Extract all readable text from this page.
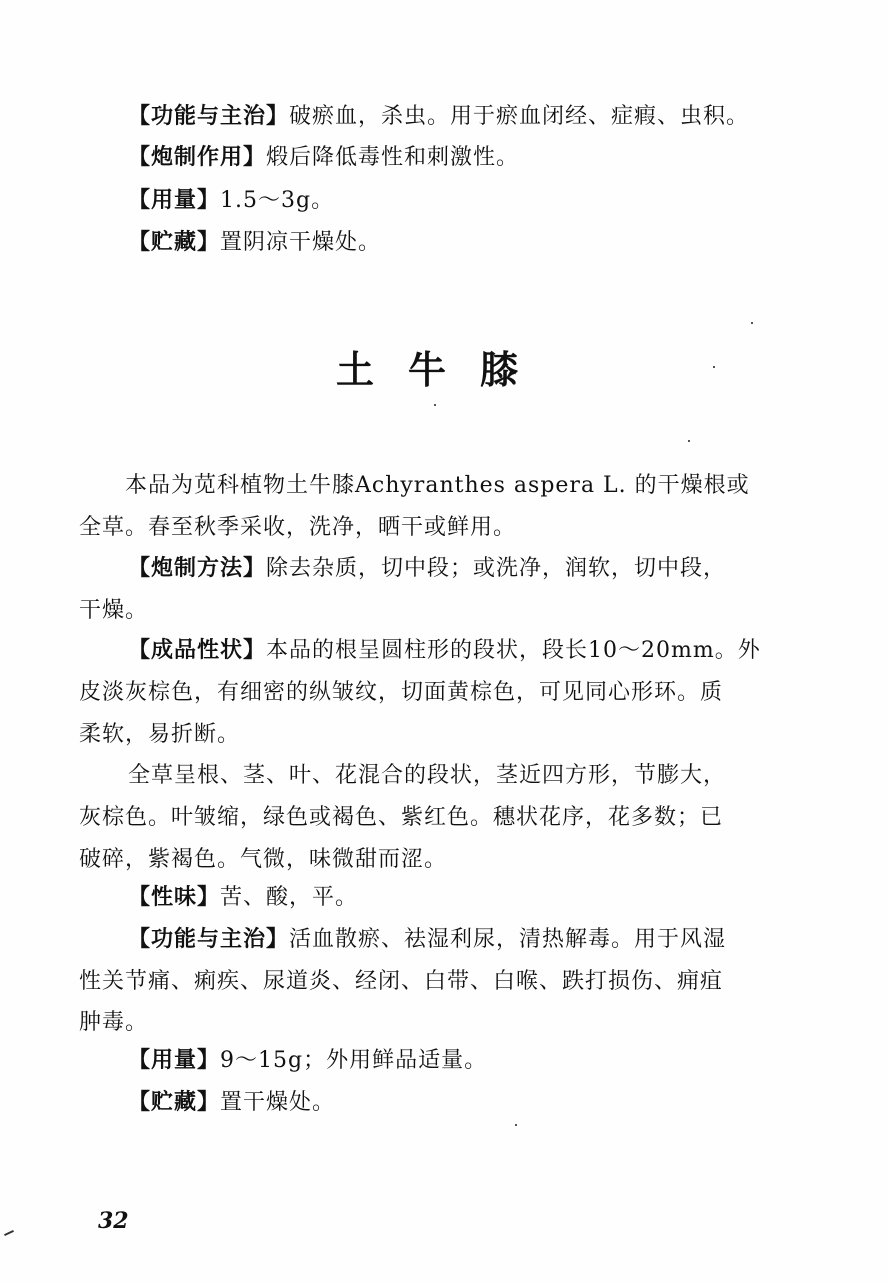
【功能与主治】破瘀血，杀虫。用于瘀血闭经、症瘕、虫积。
【炮制作用】煅后降低毒性和刺激性。
【用量】1.5～3g。
【贮藏】置阴凉干燥处。
土牛膝
本品为苋科植物土牛膝Achyranthes aspera L. 的干燥根或
全草。春至秋季采收，洗净，晒干或鲜用。
【炮制方法】除去杂质，切中段；或洗净，润软，切中段，
干燥。
【成品性状】本品的根呈圆柱形的段状，段长10～20mm。外
皮淡灰棕色，有细密的纵皱纹，切面黄棕色，可见同心形环。质
柔软，易折断。
全草呈根、茎、叶、花混合的段状，茎近四方形，节膨大，
灰棕色。叶皱缩，绿色或褐色、紫红色。穗状花序，花多数；已
破碎，紫褐色。气微，味微甜而涩。
【性味】苦、酸，平。
【功能与主治】活血散瘀、祛湿利尿，清热解毒。用于风湿
性关节痛、痢疾、尿道炎、经闭、白带、白喉、跌打损伤、痈疽
肿毒。
【用量】9～15g；外用鲜品适量。
【贮藏】置干燥处。
32
